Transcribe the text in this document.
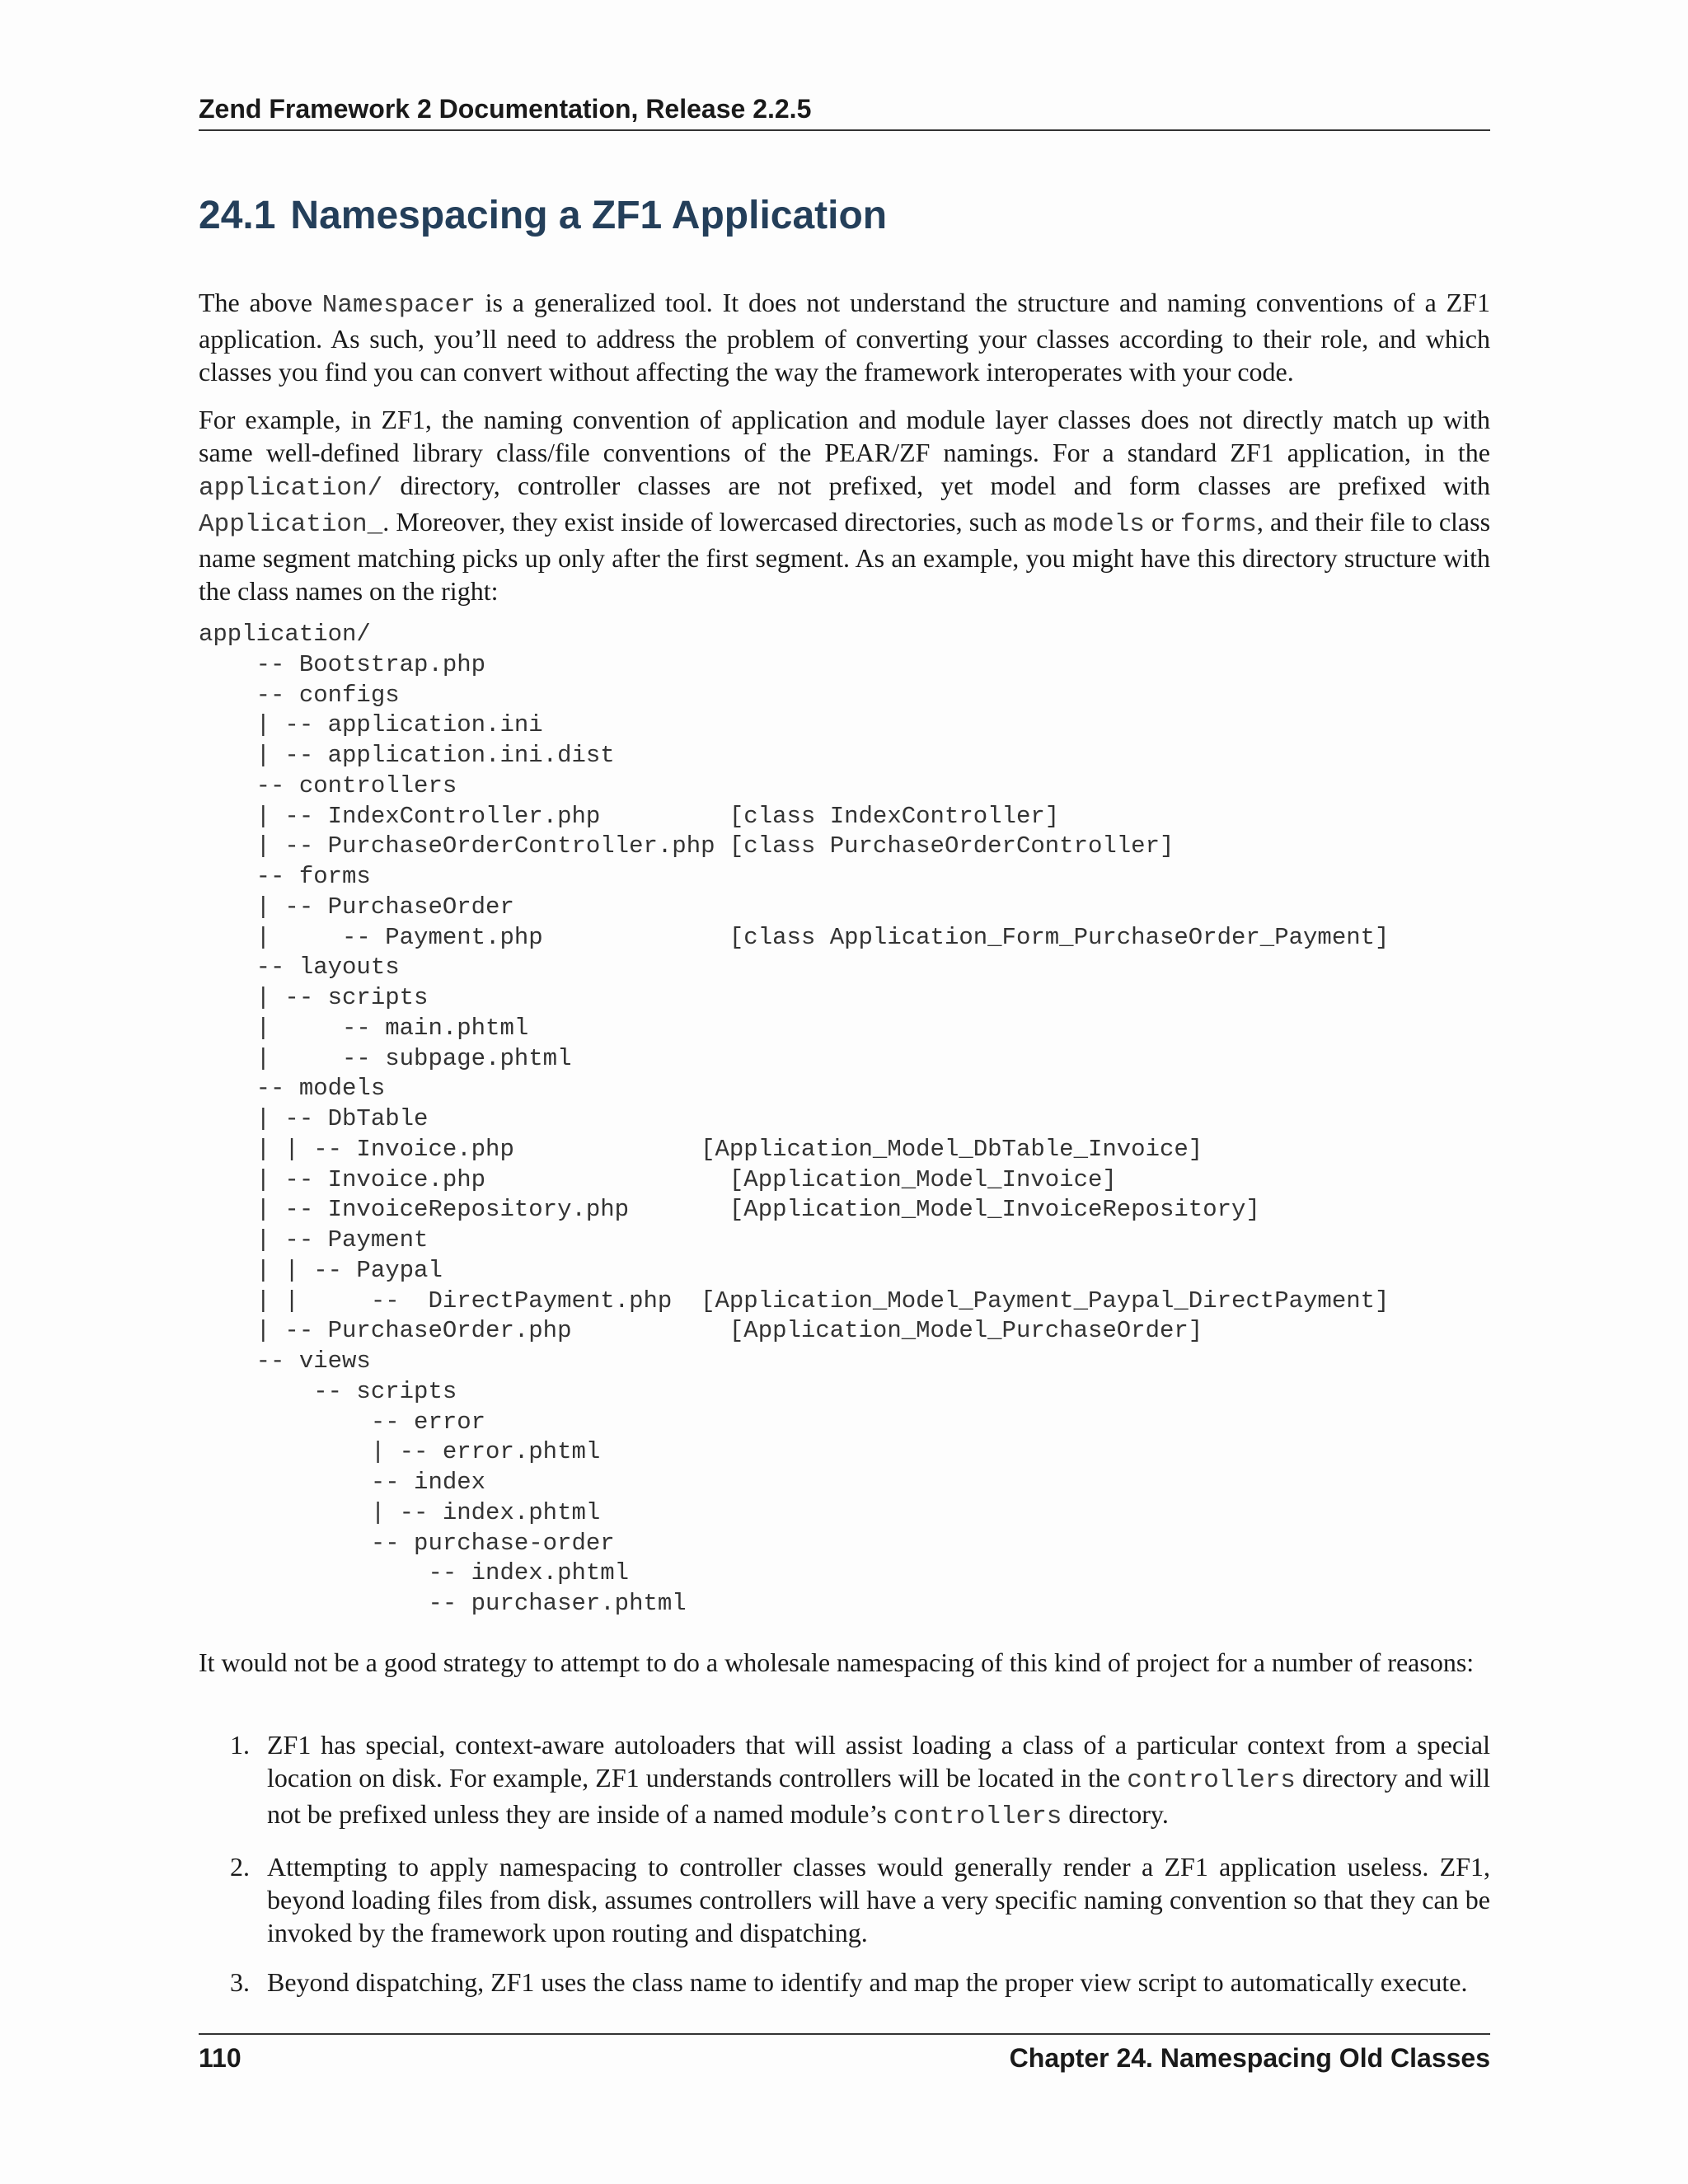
Zend Framework 2 Documentation, Release 2.2.5
24.1 Namespacing a ZF1 Application

The above Namespacer is a generalized tool. It does not understand the structure and naming conventions of a ZF1 application. As such, you’ll need to address the problem of converting your classes according to their role, and which classes you find you can convert without affecting the way the framework interoperates with your code.

For example, in ZF1, the naming convention of application and module layer classes does not directly match up with same well-defined library class/file conventions of the PEAR/ZF namings. For a standard ZF1 application, in the application/ directory, controller classes are not prefixed, yet model and form classes are prefixed with Application_. Moreover, they exist inside of lowercased directories, such as models or forms, and their file to class name segment matching picks up only after the first segment. As an example, you might have this directory structure with the class names on the right:

application/
-- Bootstrap.php
-- configs
| -- application.ini
| -- application.ini.dist
-- controllers
| -- IndexController.php         [class IndexController]
| -- PurchaseOrderController.php [class PurchaseOrderController]
-- forms
| -- PurchaseOrder
|     -- Payment.php             [class Application_Form_PurchaseOrder_Payment]
-- layouts
| -- scripts
|     -- main.phtml
|     -- subpage.phtml
-- models
| -- DbTable
| | -- Invoice.php             [Application_Model_DbTable_Invoice]
| -- Invoice.php                 [Application_Model_Invoice]
| -- InvoiceRepository.php       [Application_Model_InvoiceRepository]
| -- Payment
| | -- Paypal
| |     --  DirectPayment.php  [Application_Model_Payment_Paypal_DirectPayment]
| -- PurchaseOrder.php           [Application_Model_PurchaseOrder]
-- views
-- scripts
-- error
| -- error.phtml
-- index
| -- index.phtml
-- purchase-order
-- index.phtml
-- purchaser.phtml

It would not be a good strategy to attempt to do a wholesale namespacing of this kind of project for a number of reasons:

1. ZF1 has special, context-aware autoloaders that will assist loading a class of a particular context from a special location on disk. For example, ZF1 understands controllers will be located in the controllers directory and will not be prefixed unless they are inside of a named module’s controllers directory.
2. Attempting to apply namespacing to controller classes would generally render a ZF1 application useless. ZF1, beyond loading files from disk, assumes controllers will have a very specific naming convention so that they can be invoked by the framework upon routing and dispatching.
3. Beyond dispatching, ZF1 uses the class name to identify and map the proper view script to automatically execute.
110	Chapter 24. Namespacing Old Classes
